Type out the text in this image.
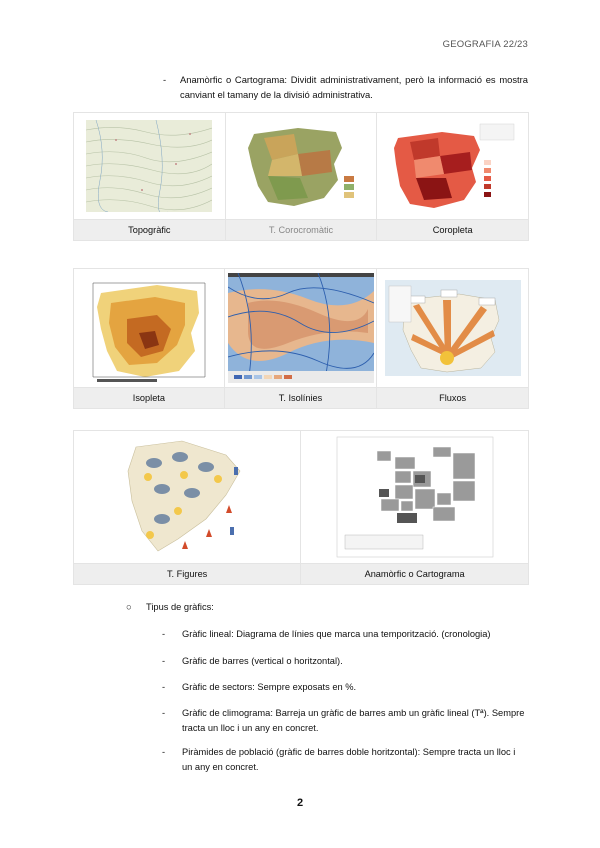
GEOGRAFIA 22/23
- Anamòrfic o Cartograma: Dividit administrativament, però la informació es mostra canviant el tamany de la divisió administrativa.

Topogràfic	T. Corocromàtic	Coropleta

Isopleta	T. Isolínies	Fluxos

T. Figures	Anamòrfic o Cartograma
○ Tipus de gràfics:
- Gràfic lineal: Diagrama de línies que marca una temporització. (cronologia)
- Gràfic de barres (vertical o horitzontal).
- Gràfic de sectors: Sempre exposats en %.
- Gràfic de climograma: Barreja un gràfic de barres amb un gràfic lineal (Tª). Sempre tracta un lloc i un any en concret.
- Piràmides de població (gràfic de barres doble horitzontal): Sempre tracta un lloc i un any en concret.
2
